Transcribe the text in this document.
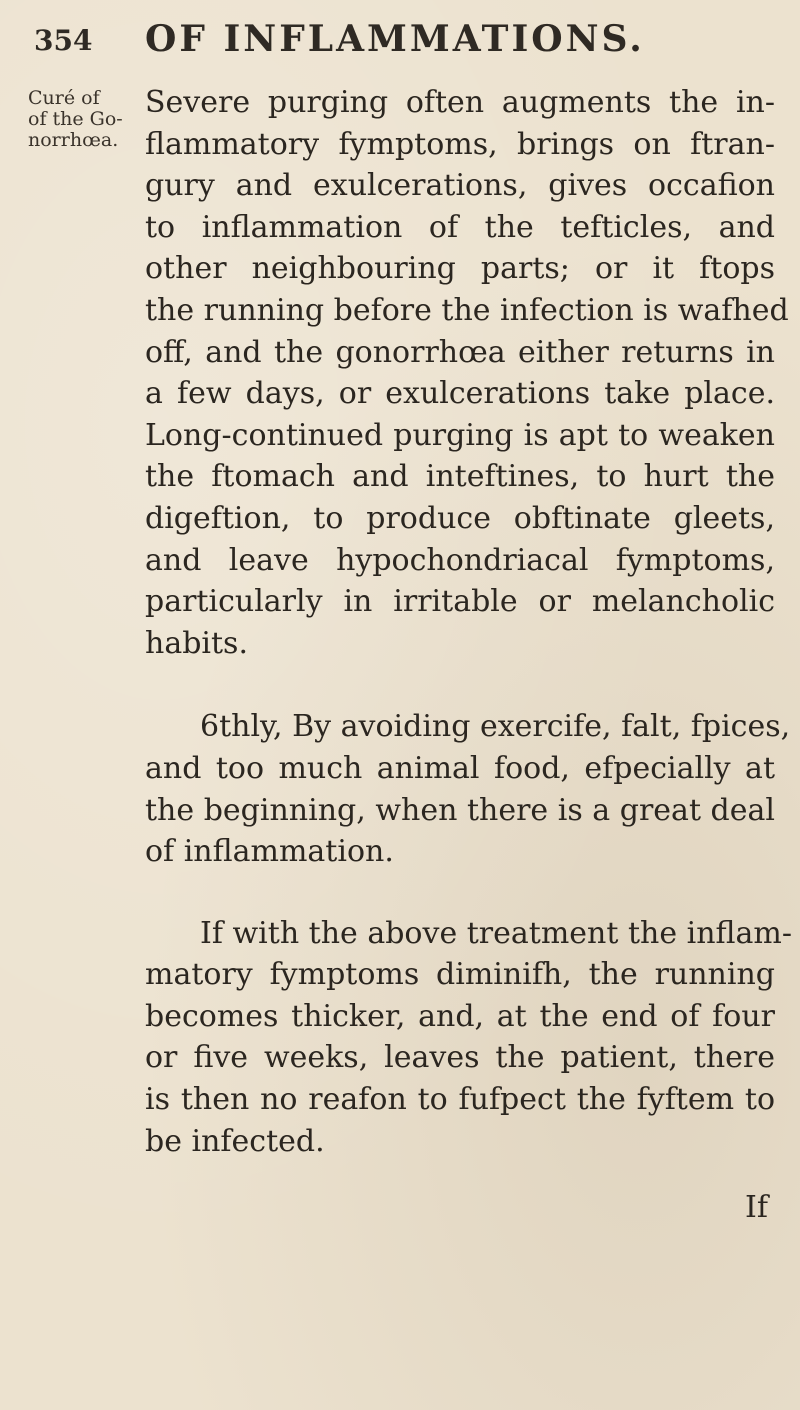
354 OF INFLAMMATIONS.
Curé of
of the Go-
norrhœa.
Severe purging often augments the in-
flammatory fymptoms, brings on ftran-
gury and exulcerations, gives occafion
to inflammation of the tefticles, and
other neighbouring parts; or it ftops
the running before the infection is wafhed
off, and the gonorrhœa either returns in
a few days, or exulcerations take place.
Long-continued purging is apt to weaken
the ftomach and inteftines, to hurt the
digeftion, to produce obftinate gleets,
and leave hypochondriacal fymptoms,
particularly in irritable or melancholic
habits.
6thly, By avoiding exercife, falt, fpices,
and too much animal food, efpecially at
the beginning, when there is a great deal
of inflammation.
If with the above treatment the inflam-
matory fymptoms diminifh, the running
becomes thicker, and, at the end of four
or five weeks, leaves the patient, there
is then no reafon to fufpect the fyftem to
be infected.
If
